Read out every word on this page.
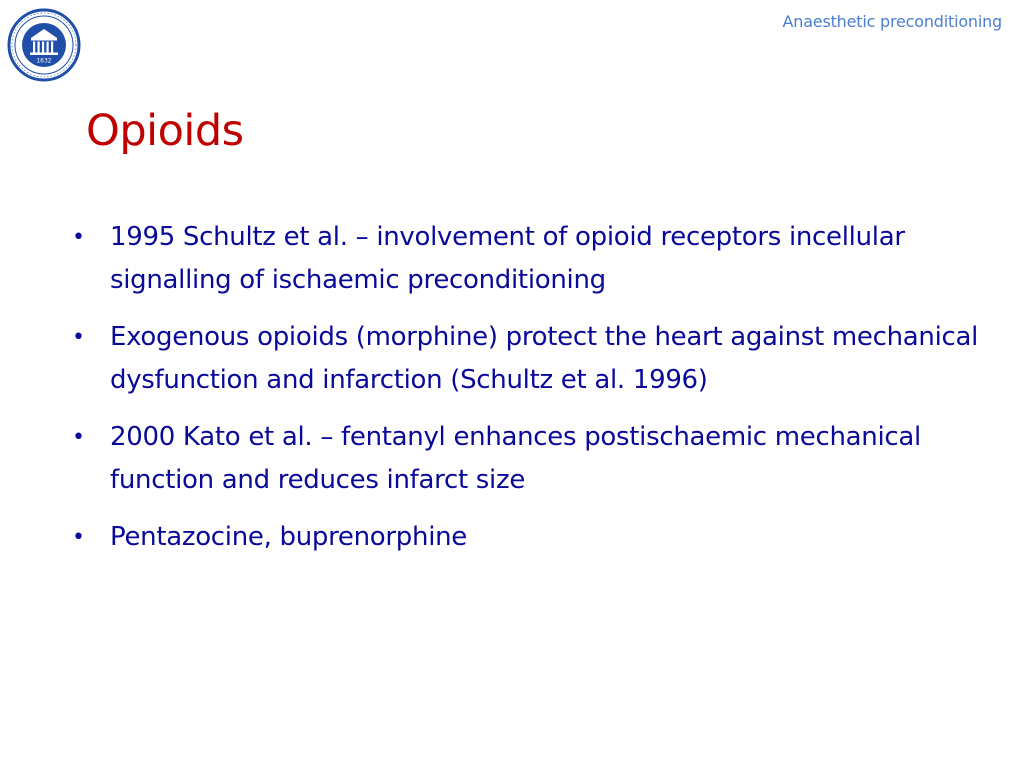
1632
Anaesthetic preconditioning
Opioids
• 1995 Schultz et al. – involvement of opioid receptors incellular signalling of ischaemic preconditioning
• Exogenous opioids (morphine) protect the heart against mechanical dysfunction and infarction (Schultz et al. 1996)
• 2000 Kato et al. – fentanyl enhances postischaemic mechanical function and reduces infarct size
• Pentazocine, buprenorphine
